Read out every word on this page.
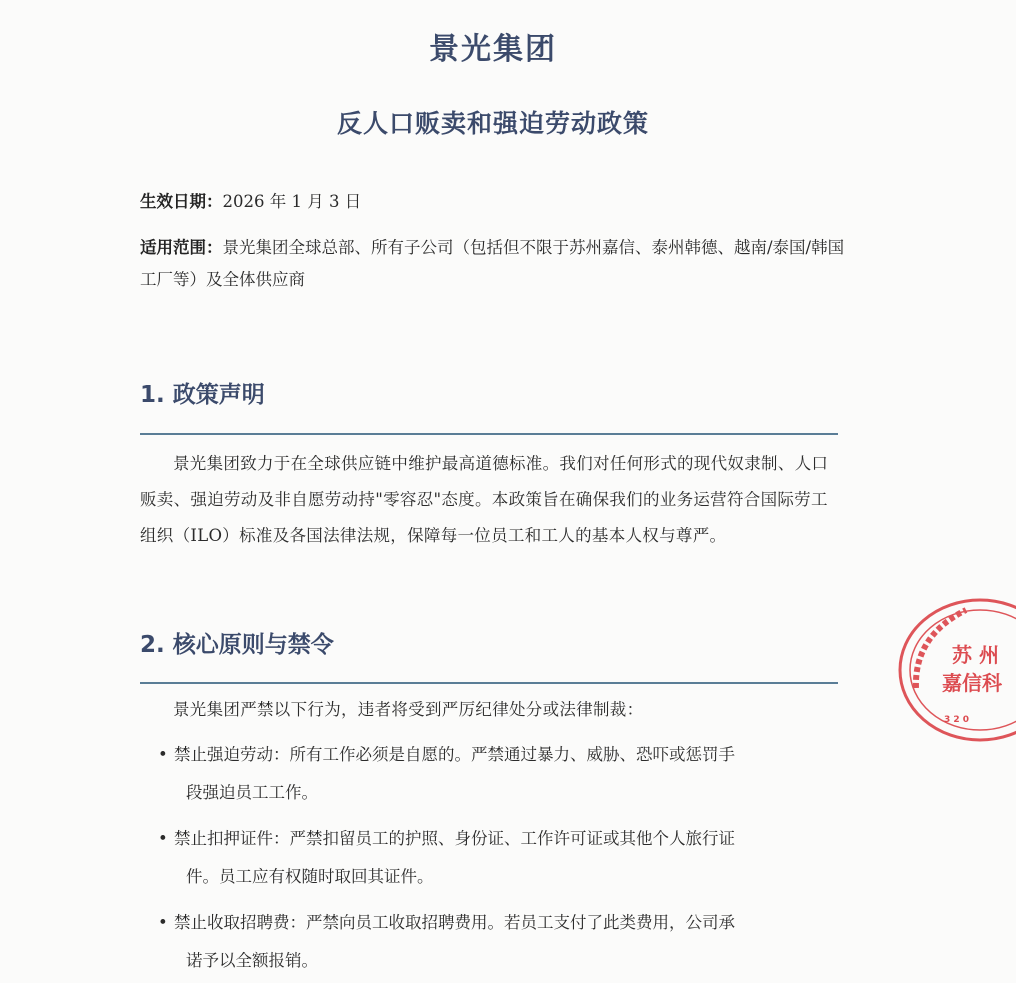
景光集团
反人口贩卖和强迫劳动政策
生效日期：2026 年 1 月 3 日
适用范围：景光集团全球总部、所有子公司（包括但不限于苏州嘉信、泰州韩德、越南/泰国/韩国工厂等）及全体供应商
1. 政策声明

景光集团致力于在全球供应链中维护最高道德标准。我们对任何形式的现代奴隶制、人口贩卖、强迫劳动及非自愿劳动持"零容忍"态度。本政策旨在确保我们的业务运营符合国际劳工组织（ILO）标准及各国法律法规，保障每一位员工和工人的基本人权与尊严。

2. 核心原则与禁令

景光集团严禁以下行为，违者将受到严厉纪律处分或法律制裁：

• 禁止强迫劳动：所有工作必须是自愿的。严禁通过暴力、威胁、恐吓或惩罚手
段强迫员工工作。
• 禁止扣押证件：严禁扣留员工的护照、身份证、工作许可证或其他个人旅行证
件。员工应有权随时取回其证件。
• 禁止收取招聘费：严禁向员工收取招聘费用。若员工支付了此类费用，公司承
诺予以全额报销。
苏 州
嘉信科
3 2 0
